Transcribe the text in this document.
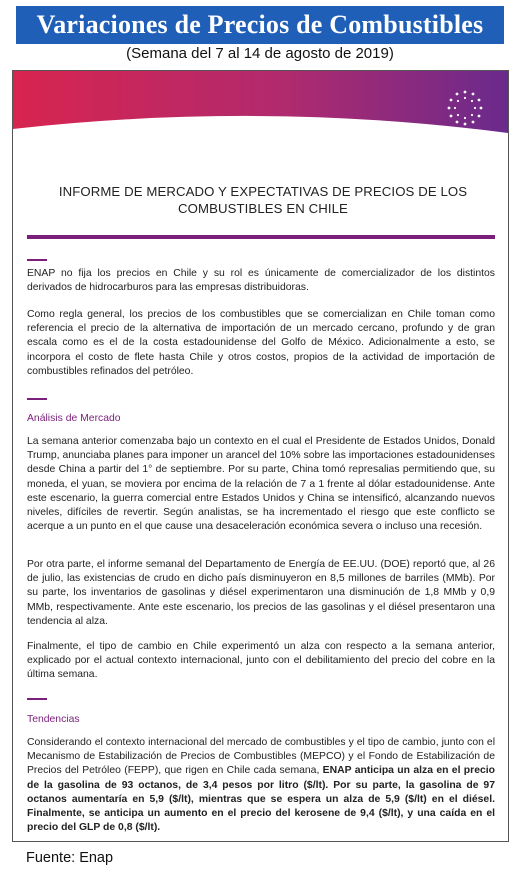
Variaciones de Precios de Combustibles
(Semana del 7 al 14 de agosto de 2019)
INFORME DE MERCADO Y EXPECTATIVAS DE PRECIOS DE LOS
COMBUSTIBLES EN CHILE
ENAP no fija los precios en Chile y su rol es únicamente de comercializador de los distintos derivados de hidrocarburos para las empresas distribuidoras.
Como regla general, los precios de los combustibles que se comercializan en Chile toman como referencia el precio de la alternativa de importación de un mercado cercano, profundo y de gran escala como es el de la costa estadounidense del Golfo de México. Adicionalmente a esto, se incorpora el costo de flete hasta Chile y otros costos, propios de la actividad de importación de combustibles refinados del petróleo.
Análisis de Mercado
La semana anterior comenzaba bajo un contexto en el cual el Presidente de Estados Unidos, Donald Trump, anunciaba planes para imponer un arancel del 10% sobre las importaciones estadounidenses desde China a partir del 1° de septiembre. Por su parte, China tomó represalias permitiendo que, su moneda, el yuan, se moviera por encima de la relación de 7 a 1 frente al dólar estadounidense. Ante este escenario, la guerra comercial entre Estados Unidos y China se intensificó, alcanzando nuevos niveles, difíciles de revertir. Según analistas, se ha incrementado el riesgo que este conflicto se acerque a un punto en el que cause una desaceleración económica severa o incluso una recesión.
Por otra parte, el informe semanal del Departamento de Energía de EE.UU. (DOE) reportó que, al 26 de julio, las existencias de crudo en dicho país disminuyeron en 8,5 millones de barriles (MMb). Por su parte, los inventarios de gasolinas y diésel experimentaron una disminución de 1,8 MMb y 0,9 MMb, respectivamente. Ante este escenario, los precios de las gasolinas y el diésel presentaron una tendencia al alza.
Finalmente, el tipo de cambio en Chile experimentó un alza con respecto a la semana anterior, explicado por el actual contexto internacional, junto con el debilitamiento del precio del cobre en la última semana.
Tendencias
Considerando el contexto internacional del mercado de combustibles y el tipo de cambio, junto con el Mecanismo de Estabilización de Precios de Combustibles (MEPCO) y el Fondo de Estabilización de Precios del Petróleo (FEPP), que rigen en Chile cada semana, ENAP anticipa un alza en el precio de la gasolina de 93 octanos, de 3,4 pesos por litro ($/lt). Por su parte, la gasolina de 97 octanos aumentaría en 5,9 ($/lt), mientras que se espera un alza de 5,9 ($/lt) en el diésel. Finalmente, se anticipa un aumento en el precio del kerosene de 9,4 ($/lt), y una caída en el precio del GLP de 0,8 ($/lt).
Fuente: Enap
